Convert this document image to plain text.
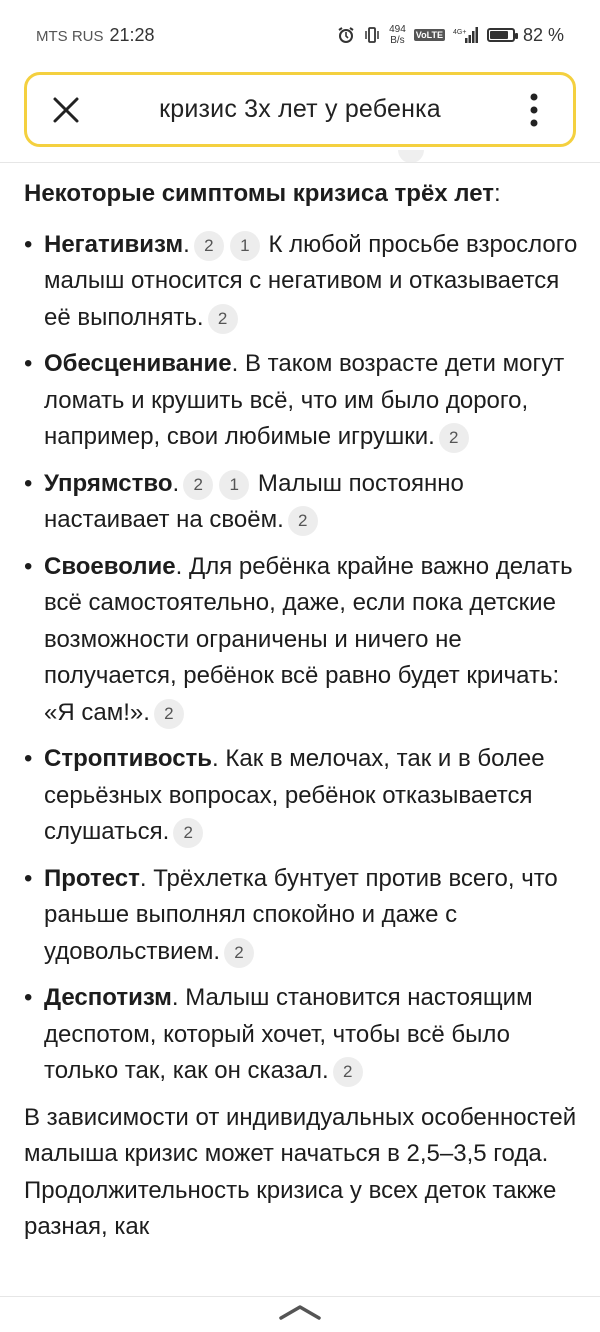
MTS RUS 21:28	494
B/s VoLTE 4G+	82 %
кризис 3х лет у ребенка

Некоторые симптомы кризиса трёх лет:

• Негативизм. 2 1 К любой просьбе взрослого малыш относится с негативом и отказывается её выполнять. 2
• Обесценивание. В таком возрасте дети могут ломать и крушить всё, что им было дорого, например, свои любимые игрушки. 2
• Упрямство. 2 1 Малыш постоянно настаивает на своём. 2
• Своеволие. Для ребёнка крайне важно делать всё самостоятельно, даже, если пока детские возможности ограничены и ничего не получается, ребёнок всё равно будет кричать: «Я сам!». 2
• Строптивость. Как в мелочах, так и в более серьёзных вопросах, ребёнок отказывается слушаться. 2
• Протест. Трёхлетка бунтует против всего, что раньше выполнял спокойно и даже с удовольствием. 2
• Деспотизм. Малыш становится настоящим деспотом, который хочет, чтобы всё было только так, как он сказал. 2

В зависимости от индивидуальных особенностей малыша кризис может начаться в 2,5–3,5 года. Продолжительность кризиса у всех деток также разная, как
